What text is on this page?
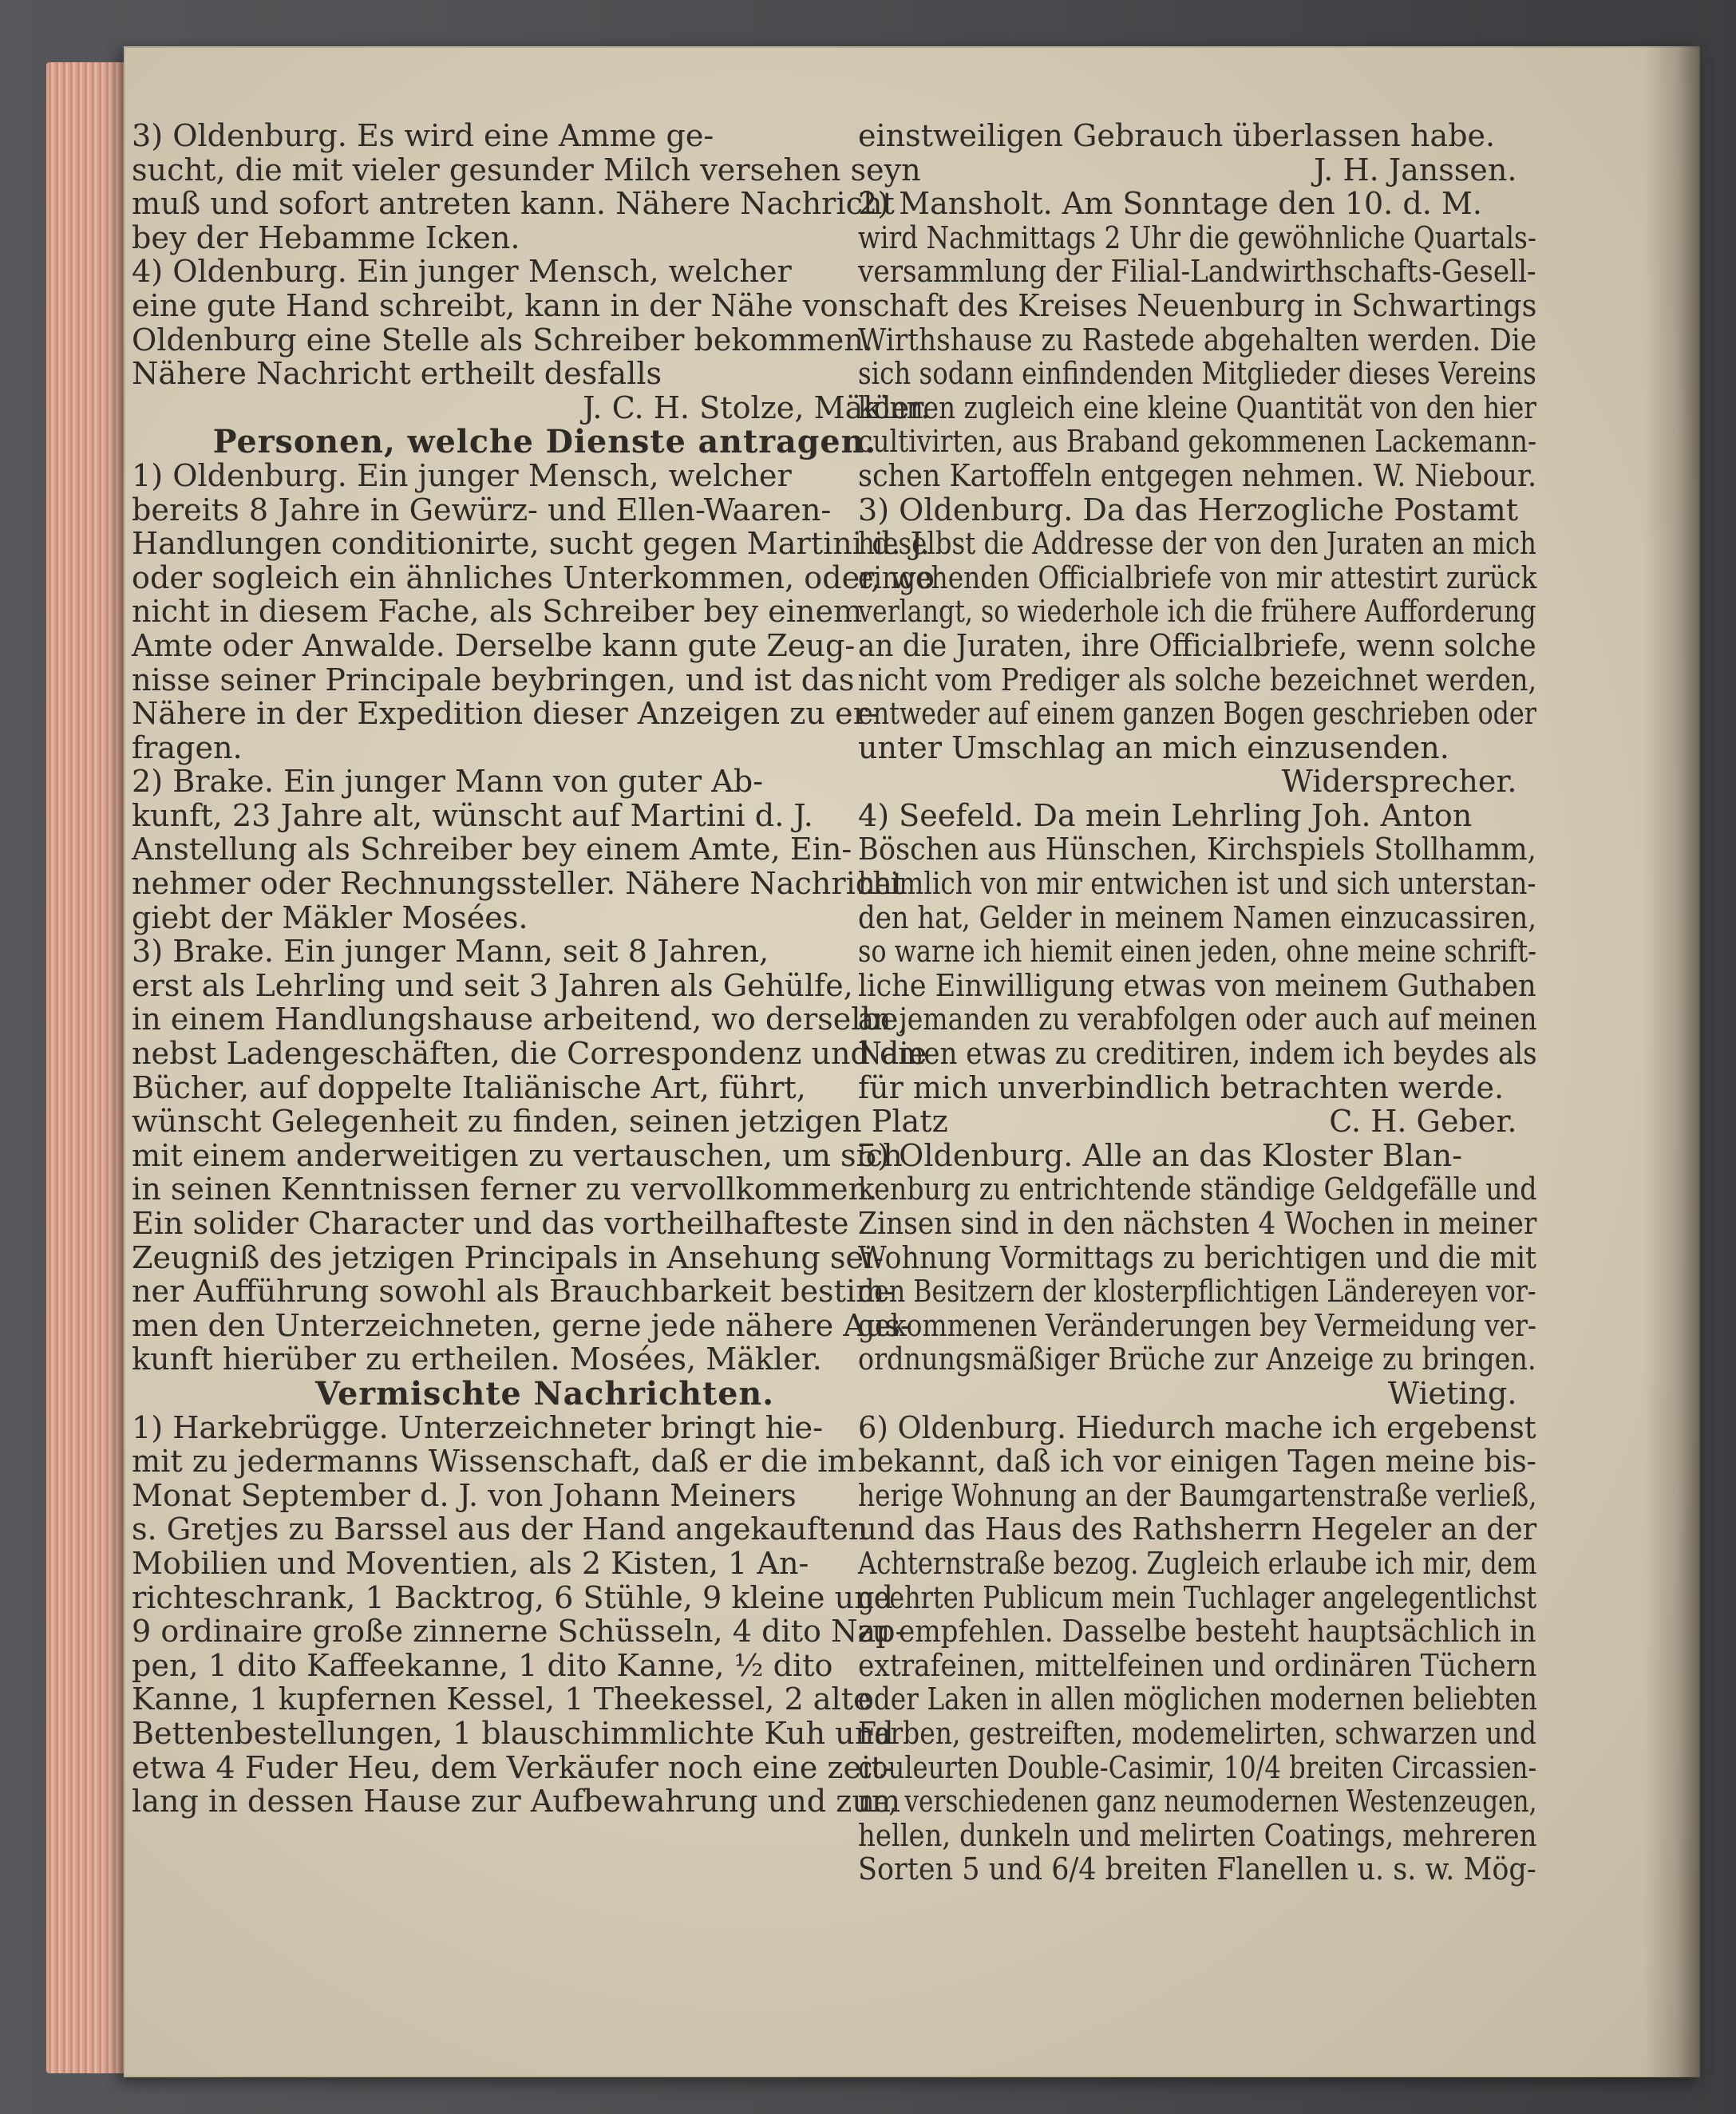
3) Oldenburg. Es wird eine Amme ge-
sucht, die mit vieler gesunder Milch versehen seyn
muß und sofort antreten kann. Nähere Nachricht
bey der Hebamme Icken.
4) Oldenburg. Ein junger Mensch, welcher
eine gute Hand schreibt, kann in der Nähe von
Oldenburg eine Stelle als Schreiber bekommen.
Nähere Nachricht ertheilt desfalls
J. C. H. Stolze, Mäkler.
Personen, welche Dienste antragen.
1) Oldenburg. Ein junger Mensch, welcher
bereits 8 Jahre in Gewürz- und Ellen-Waaren-
Handlungen conditionirte, sucht gegen Martini d. J.
oder sogleich ein ähnliches Unterkommen, oder, wo
nicht in diesem Fache, als Schreiber bey einem
Amte oder Anwalde. Derselbe kann gute Zeug-
nisse seiner Principale beybringen, und ist das
Nähere in der Expedition dieser Anzeigen zu er-
fragen.
2) Brake. Ein junger Mann von guter Ab-
kunft, 23 Jahre alt, wünscht auf Martini d. J.
Anstellung als Schreiber bey einem Amte, Ein-
nehmer oder Rechnungssteller. Nähere Nachricht
giebt der Mäkler Mosées.
3) Brake. Ein junger Mann, seit 8 Jahren,
erst als Lehrling und seit 3 Jahren als Gehülfe,
in einem Handlungshause arbeitend, wo derselbe,
nebst Ladengeschäften, die Correspondenz und die
Bücher, auf doppelte Italiänische Art, führt,
wünscht Gelegenheit zu finden, seinen jetzigen Platz
mit einem anderweitigen zu vertauschen, um sich
in seinen Kenntnissen ferner zu vervollkommen.
Ein solider Character und das vortheilhafteste
Zeugniß des jetzigen Principals in Ansehung sei-
ner Aufführung sowohl als Brauchbarkeit bestim-
men den Unterzeichneten, gerne jede nähere Aus-
kunft hierüber zu ertheilen. Mosées, Mäkler.
Vermischte Nachrichten.
1) Harkebrügge. Unterzeichneter bringt hie-
mit zu jedermanns Wissenschaft, daß er die im
Monat September d. J. von Johann Meiners
s. Gretjes zu Barssel aus der Hand angekauften
Mobilien und Moventien, als 2 Kisten, 1 An-
richteschrank, 1 Backtrog, 6 Stühle, 9 kleine und
9 ordinaire große zinnerne Schüsseln, 4 dito Nap-
pen, 1 dito Kaffeekanne, 1 dito Kanne, ½ dito
Kanne, 1 kupfernen Kessel, 1 Theekessel, 2 alte
Bettenbestellungen, 1 blauschimmlichte Kuh und
etwa 4 Fuder Heu, dem Verkäufer noch eine zeit-
lang in dessen Hause zur Aufbewahrung und zum
einstweiligen Gebrauch überlassen habe.
J. H. Janssen.
2) Mansholt. Am Sonntage den 10. d. M.
wird Nachmittags 2 Uhr die gewöhnliche Quartals-
versammlung der Filial-Landwirthschafts-Gesell-
schaft des Kreises Neuenburg in Schwartings
Wirthshause zu Rastede abgehalten werden. Die
sich sodann einfindenden Mitglieder dieses Vereins
können zugleich eine kleine Quantität von den hier
cultivirten, aus Braband gekommenen Lackemann-
schen Kartoffeln entgegen nehmen. W. Niebour.
3) Oldenburg. Da das Herzogliche Postamt
hieselbst die Addresse der von den Juraten an mich
eingehenden Officialbriefe von mir attestirt zurück
verlangt, so wiederhole ich die frühere Aufforderung
an die Juraten, ihre Officialbriefe, wenn solche
nicht vom Prediger als solche bezeichnet werden,
entweder auf einem ganzen Bogen geschrieben oder
unter Umschlag an mich einzusenden.
Widersprecher.
4) Seefeld. Da mein Lehrling Joh. Anton
Böschen aus Hünschen, Kirchspiels Stollhamm,
heimlich von mir entwichen ist und sich unterstan-
den hat, Gelder in meinem Namen einzucassiren,
so warne ich hiemit einen jeden, ohne meine schrift-
liche Einwilligung etwas von meinem Guthaben
an jemanden zu verabfolgen oder auch auf meinen
Namen etwas zu creditiren, indem ich beydes als
für mich unverbindlich betrachten werde.
C. H. Geber.
5) Oldenburg. Alle an das Kloster Blan-
kenburg zu entrichtende ständige Geldgefälle und
Zinsen sind in den nächsten 4 Wochen in meiner
Wohnung Vormittags zu berichtigen und die mit
den Besitzern der klosterpflichtigen Ländereyen vor-
gekommenen Veränderungen bey Vermeidung ver-
ordnungsmäßiger Brüche zur Anzeige zu bringen.
Wieting.
6) Oldenburg. Hiedurch mache ich ergebenst
bekannt, daß ich vor einigen Tagen meine bis-
herige Wohnung an der Baumgartenstraße verließ,
und das Haus des Rathsherrn Hegeler an der
Achternstraße bezog. Zugleich erlaube ich mir, dem
geehrten Publicum mein Tuchlager angelegentlichst
zu empfehlen. Dasselbe besteht hauptsächlich in
extrafeinen, mittelfeinen und ordinären Tüchern
oder Laken in allen möglichen modernen beliebten
Farben, gestreiften, modemelirten, schwarzen und
couleurten Double-Casimir, 10/4 breiten Circassien-
ne, verschiedenen ganz neumodernen Westenzeugen,
hellen, dunkeln und melirten Coatings, mehreren
Sorten 5 und 6/4 breiten Flanellen u. s. w. Mög-
